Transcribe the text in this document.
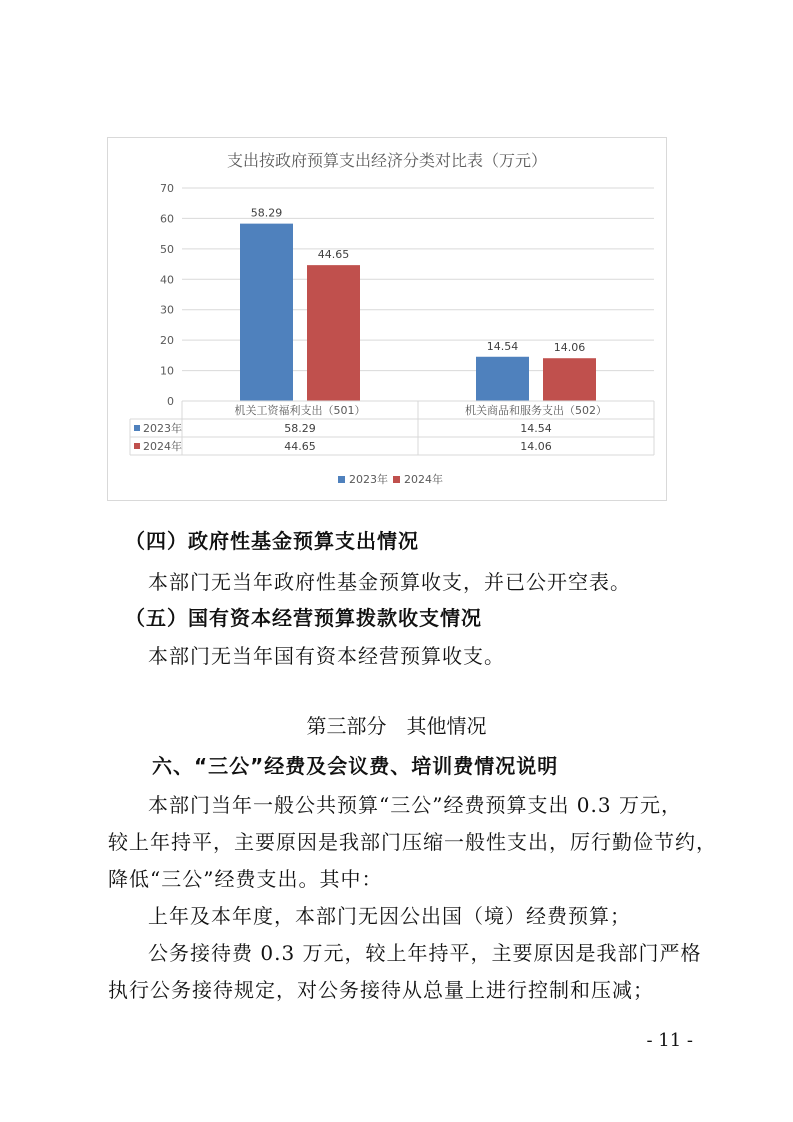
支出按政府预算支出经济分类对比表（万元）
0
10
20
30
40
50
60
70
58.29
44.65
14.54	14.06
机关工资福利支出（501）	机关商品和服务支出（502）
2023年	58.29	14.54
2024年	44.65	14.06
2023年 2024年
（四）政府性基金预算支出情况
本部门无当年政府性基金预算收支，并已公开空表。
（五）国有资本经营预算拨款收支情况
本部门无当年国有资本经营预算收支。
第三部分　其他情况
六、“三公”经费及会议费、培训费情况说明
本部门当年一般公共预算“三公”经费预算支出 0.3 万元，
较上年持平，主要原因是我部门压缩一般性支出，厉行勤俭节约，
降低“三公”经费支出。其中：
上年及本年度，本部门无因公出国（境）经费预算；
公务接待费 0.3 万元，较上年持平，主要原因是我部门严格
执行公务接待规定，对公务接待从总量上进行控制和压减；
- 11 -
